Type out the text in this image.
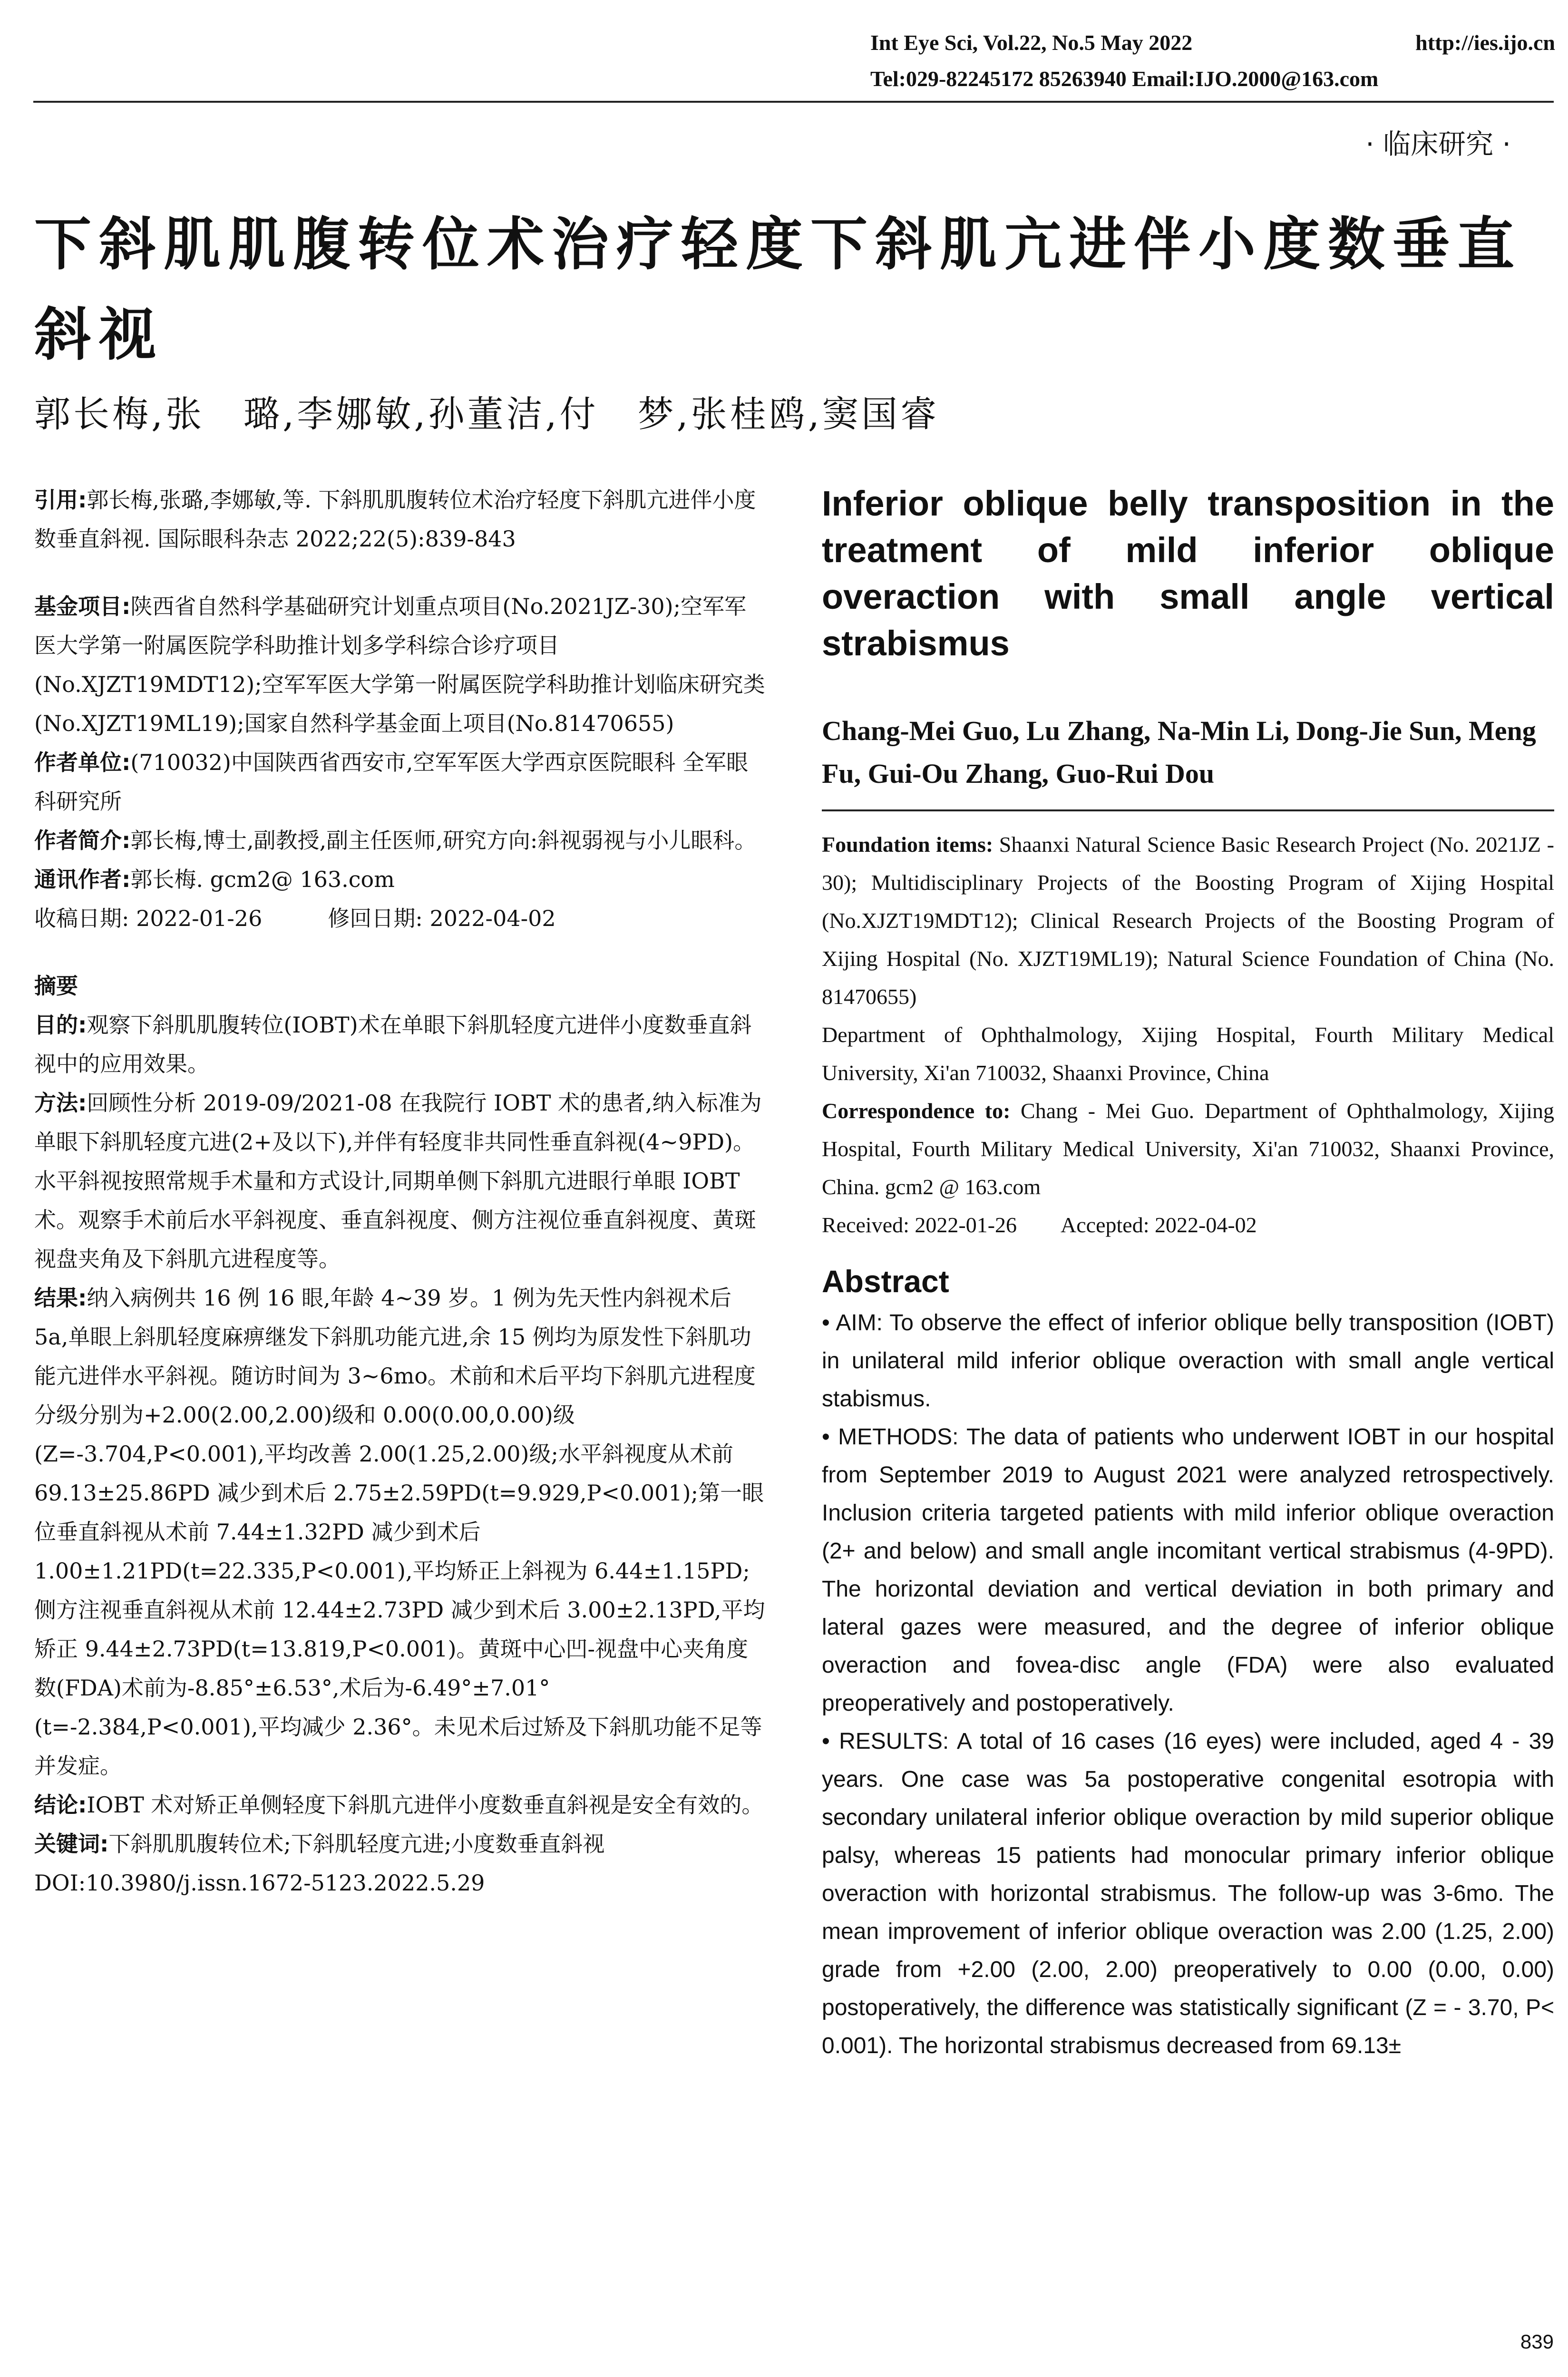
Int Eye Sci, Vol.22, No.5 May 2022	http://ies.ijo.cn
Tel:029-82245172 85263940 Email:IJO.2000@163.com
· 临床研究 ·
下斜肌肌腹转位术治疗轻度下斜肌亢进伴小度数垂直斜视
郭长梅,张　璐,李娜敏,孙董洁,付　梦,张桂鸥,窦国睿

引用:郭长梅,张璐,李娜敏,等. 下斜肌肌腹转位术治疗轻度下斜肌亢进伴小度数垂直斜视. 国际眼科杂志 2022;22(5):839-843

基金项目:陕西省自然科学基础研究计划重点项目(No.2021JZ-30);空军军医大学第一附属医院学科助推计划多学科综合诊疗项目(No.XJZT19MDT12);空军军医大学第一附属医院学科助推计划临床研究类(No.XJZT19ML19);国家自然科学基金面上项目(No.81470655)

作者单位:(710032)中国陕西省西安市,空军军医大学西京医院眼科 全军眼科研究所

作者简介:郭长梅,博士,副教授,副主任医师,研究方向:斜视弱视与小儿眼科。

通讯作者:郭长梅. gcm2@ 163.com

收稿日期: 2022-01-26　　　修回日期: 2022-04-02

摘要

目的:观察下斜肌肌腹转位(IOBT)术在单眼下斜肌轻度亢进伴小度数垂直斜视中的应用效果。

方法:回顾性分析 2019-09/2021-08 在我院行 IOBT 术的患者,纳入标准为单眼下斜肌轻度亢进(2+及以下),并伴有轻度非共同性垂直斜视(4~9PD)。水平斜视按照常规手术量和方式设计,同期单侧下斜肌亢进眼行单眼 IOBT 术。观察手术前后水平斜视度、垂直斜视度、侧方注视位垂直斜视度、黄斑视盘夹角及下斜肌亢进程度等。

结果:纳入病例共 16 例 16 眼,年龄 4~39 岁。1 例为先天性内斜视术后 5a,单眼上斜肌轻度麻痹继发下斜肌功能亢进,余 15 例均为原发性下斜肌功能亢进伴水平斜视。随访时间为 3~6mo。术前和术后平均下斜肌亢进程度分级分别为+2.00(2.00,2.00)级和 0.00(0.00,0.00)级(Z=-3.704,P<0.001),平均改善 2.00(1.25,2.00)级;水平斜视度从术前 69.13±25.86PD 减少到术后 2.75±2.59PD(t=9.929,P<0.001);第一眼位垂直斜视从术前 7.44±1.32PD 减少到术后 1.00±1.21PD(t=22.335,P<0.001),平均矫正上斜视为 6.44±1.15PD;侧方注视垂直斜视从术前 12.44±2.73PD 减少到术后 3.00±2.13PD,平均矫正 9.44±2.73PD(t=13.819,P<0.001)。黄斑中心凹-视盘中心夹角度数(FDA)术前为-8.85°±6.53°,术后为-6.49°±7.01°(t=-2.384,P<0.001),平均减少 2.36°。未见术后过矫及下斜肌功能不足等并发症。

结论:IOBT 术对矫正单侧轻度下斜肌亢进伴小度数垂直斜视是安全有效的。

关键词:下斜肌肌腹转位术;下斜肌轻度亢进;小度数垂直斜视

DOI:10.3980/j.issn.1672-5123.2022.5.29

Inferior oblique belly transposition in the treatment of mild inferior oblique overaction with small angle vertical strabismus

Chang-Mei Guo, Lu Zhang, Na-Min Li, Dong-Jie Sun, Meng Fu, Gui-Ou Zhang, Guo-Rui Dou

Foundation items: Shaanxi Natural Science Basic Research Project (No. 2021JZ - 30); Multidisciplinary Projects of the Boosting Program of Xijing Hospital (No.XJZT19MDT12); Clinical Research Projects of the Boosting Program of Xijing Hospital (No. XJZT19ML19); Natural Science Foundation of China (No. 81470655)

Department of Ophthalmology, Xijing Hospital, Fourth Military Medical University, Xi'an 710032, Shaanxi Province, China

Correspondence to: Chang - Mei Guo. Department of Ophthalmology, Xijing Hospital, Fourth Military Medical University, Xi'an 710032, Shaanxi Province, China. gcm2 @ 163.com

Received: 2022-01-26　　Accepted: 2022-04-02

Abstract

• AIM: To observe the effect of inferior oblique belly transposition (IOBT) in unilateral mild inferior oblique overaction with small angle vertical stabismus.

• METHODS: The data of patients who underwent IOBT in our hospital from September 2019 to August 2021 were analyzed retrospectively. Inclusion criteria targeted patients with mild inferior oblique overaction (2+ and below) and small angle incomitant vertical strabismus (4-9PD). The horizontal deviation and vertical deviation in both primary and lateral gazes were measured, and the degree of inferior oblique overaction and fovea-disc angle (FDA) were also evaluated preoperatively and postoperatively.

• RESULTS: A total of 16 cases (16 eyes) were included, aged 4 - 39 years. One case was 5a postoperative congenital esotropia with secondary unilateral inferior oblique overaction by mild superior oblique palsy, whereas 15 patients had monocular primary inferior oblique overaction with horizontal strabismus. The follow-up was 3-6mo. The mean improvement of inferior oblique overaction was 2.00 (1.25, 2.00) grade from +2.00 (2.00, 2.00) preoperatively to 0.00 (0.00, 0.00) postoperatively, the difference was statistically significant (Z = - 3.70, P< 0.001). The horizontal strabismus decreased from 69.13±

839
